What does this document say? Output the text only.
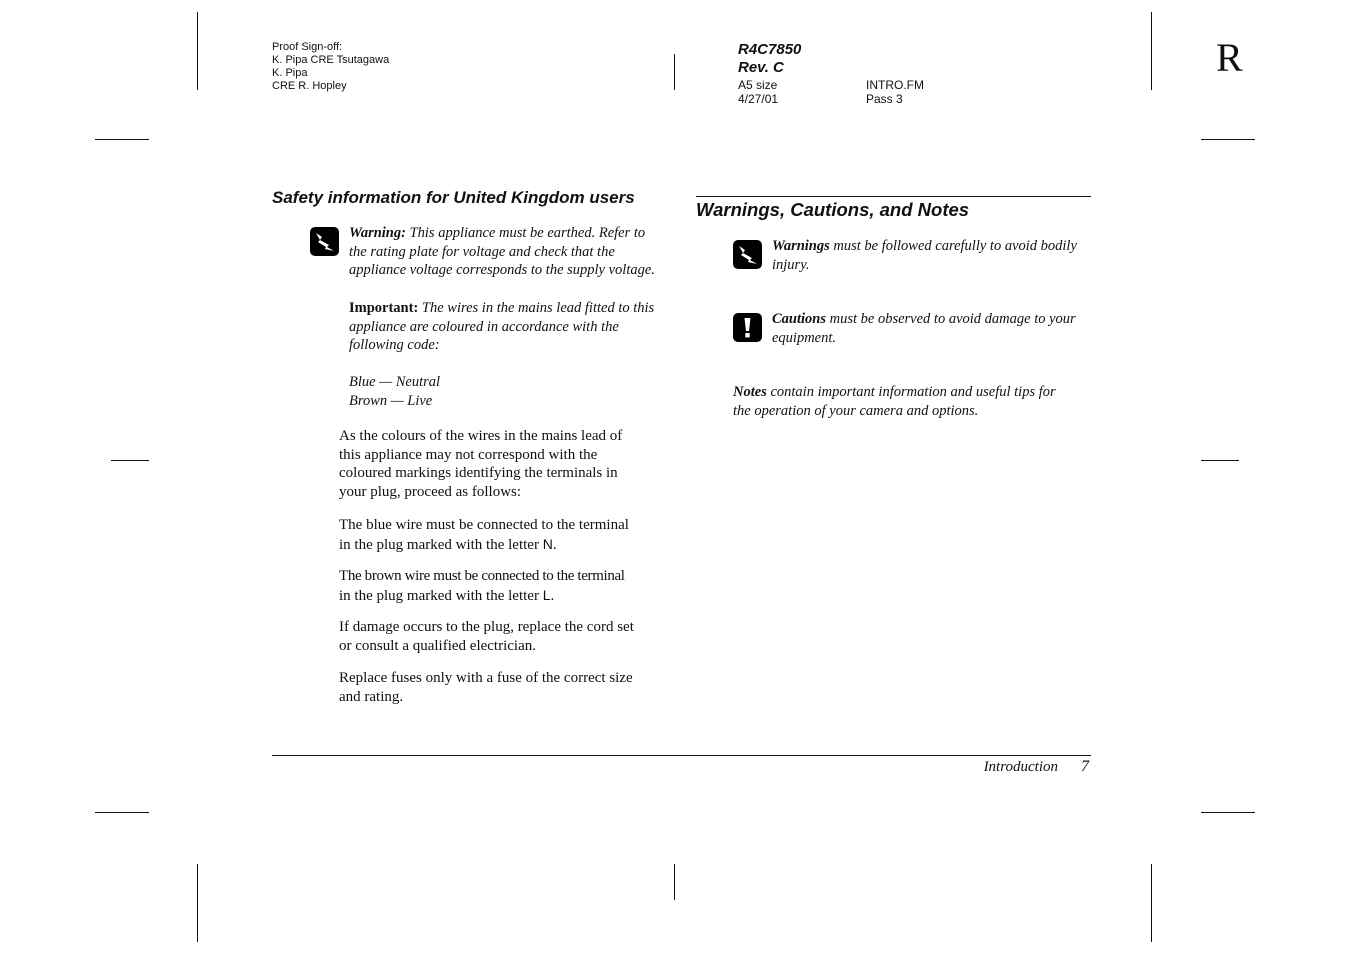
Proof Sign-off:
K. Pipa CRE Tsutagawa
K. Pipa
CRE R. Hopley
R4C7850
Rev. C
A5 size
4/27/01
INTRO.FM
Pass 3
R
Safety information for United Kingdom users
Warning: This appliance must be earthed. Refer to
the rating plate for voltage and check that the
appliance voltage corresponds to the supply voltage.
Important: The wires in the mains lead fitted to this
appliance are coloured in accordance with the
following code:
Blue — Neutral
Brown — Live
As the colours of the wires in the mains lead of
this appliance may not correspond with the
coloured markings identifying the terminals in
your plug, proceed as follows:
The blue wire must be connected to the terminal
in the plug marked with the letter N.
The brown wire must be connected to the terminal
in the plug marked with the letter L.
If damage occurs to the plug, replace the cord set
or consult a qualified electrician.
Replace fuses only with a fuse of the correct size
and rating.
Warnings, Cautions, and Notes
Warnings must be followed carefully to avoid bodily
injury.
Cautions must be observed to avoid damage to your
equipment.
Notes contain important information and useful tips for
the operation of your camera and options.
Introduction 7
